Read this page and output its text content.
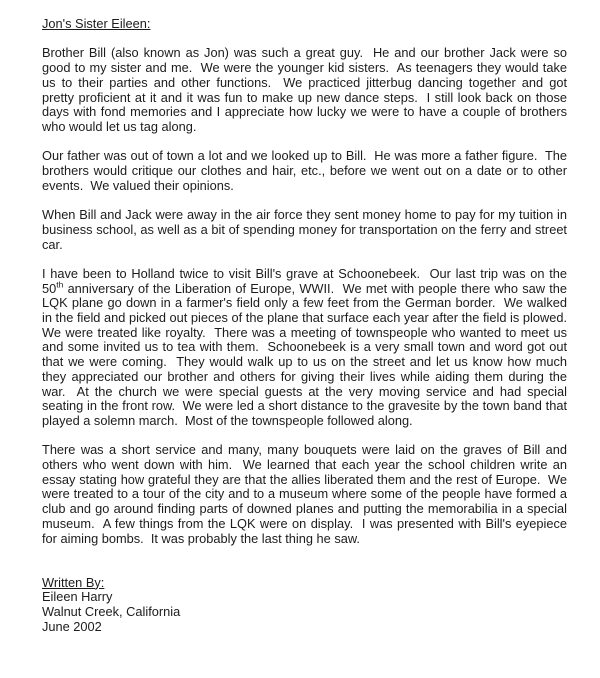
Jon's Sister Eileen:

Brother Bill (also known as Jon) was such a great guy.  He and our brother Jack were so good to my sister and me.  We were the younger kid sisters.  As teenagers they would take us to their parties and other functions.  We practiced jitterbug dancing together and got pretty proficient at it and it was fun to make up new dance steps.  I still look back on those days with fond memories and I appreciate how lucky we were to have a couple of brothers who would let us tag along.

Our father was out of town a lot and we looked up to Bill.  He was more a father figure.  The brothers would critique our clothes and hair, etc., before we went out on a date or to other events.  We valued their opinions.

When Bill and Jack were away in the air force they sent money home to pay for my tuition in business school, as well as a bit of spending money for transportation on the ferry and street car.

I have been to Holland twice to visit Bill's grave at Schoonebeek.  Our last trip was on the 50th anniversary of the Liberation of Europe, WWII.  We met with people there who saw the LQK plane go down in a farmer's field only a few feet from the German border.  We walked in the field and picked out pieces of the plane that surface each year after the field is plowed.  We were treated like royalty.  There was a meeting of townspeople who wanted to meet us and some invited us to tea with them.  Schoonebeek is a very small town and word got out that we were coming.  They would walk up to us on the street and let us know how much they appreciated our brother and others for giving their lives while aiding them during the war.  At the church we were special guests at the very moving service and had special seating in the front row.  We were led a short distance to the gravesite by the town band that played a solemn march.  Most of the townspeople followed along.

There was a short service and many, many bouquets were laid on the graves of Bill and others who went down with him.  We learned that each year the school children write an essay stating how grateful they are that the allies liberated them and the rest of Europe.  We were treated to a tour of the city and to a museum where some of the people have formed a club and go around finding parts of downed planes and putting the memorabilia in a special museum.  A few things from the LQK were on display.  I was presented with Bill's eyepiece for aiming bombs.  It was probably the last thing he saw.

Written By:
Eileen Harry
Walnut Creek, California
June 2002
